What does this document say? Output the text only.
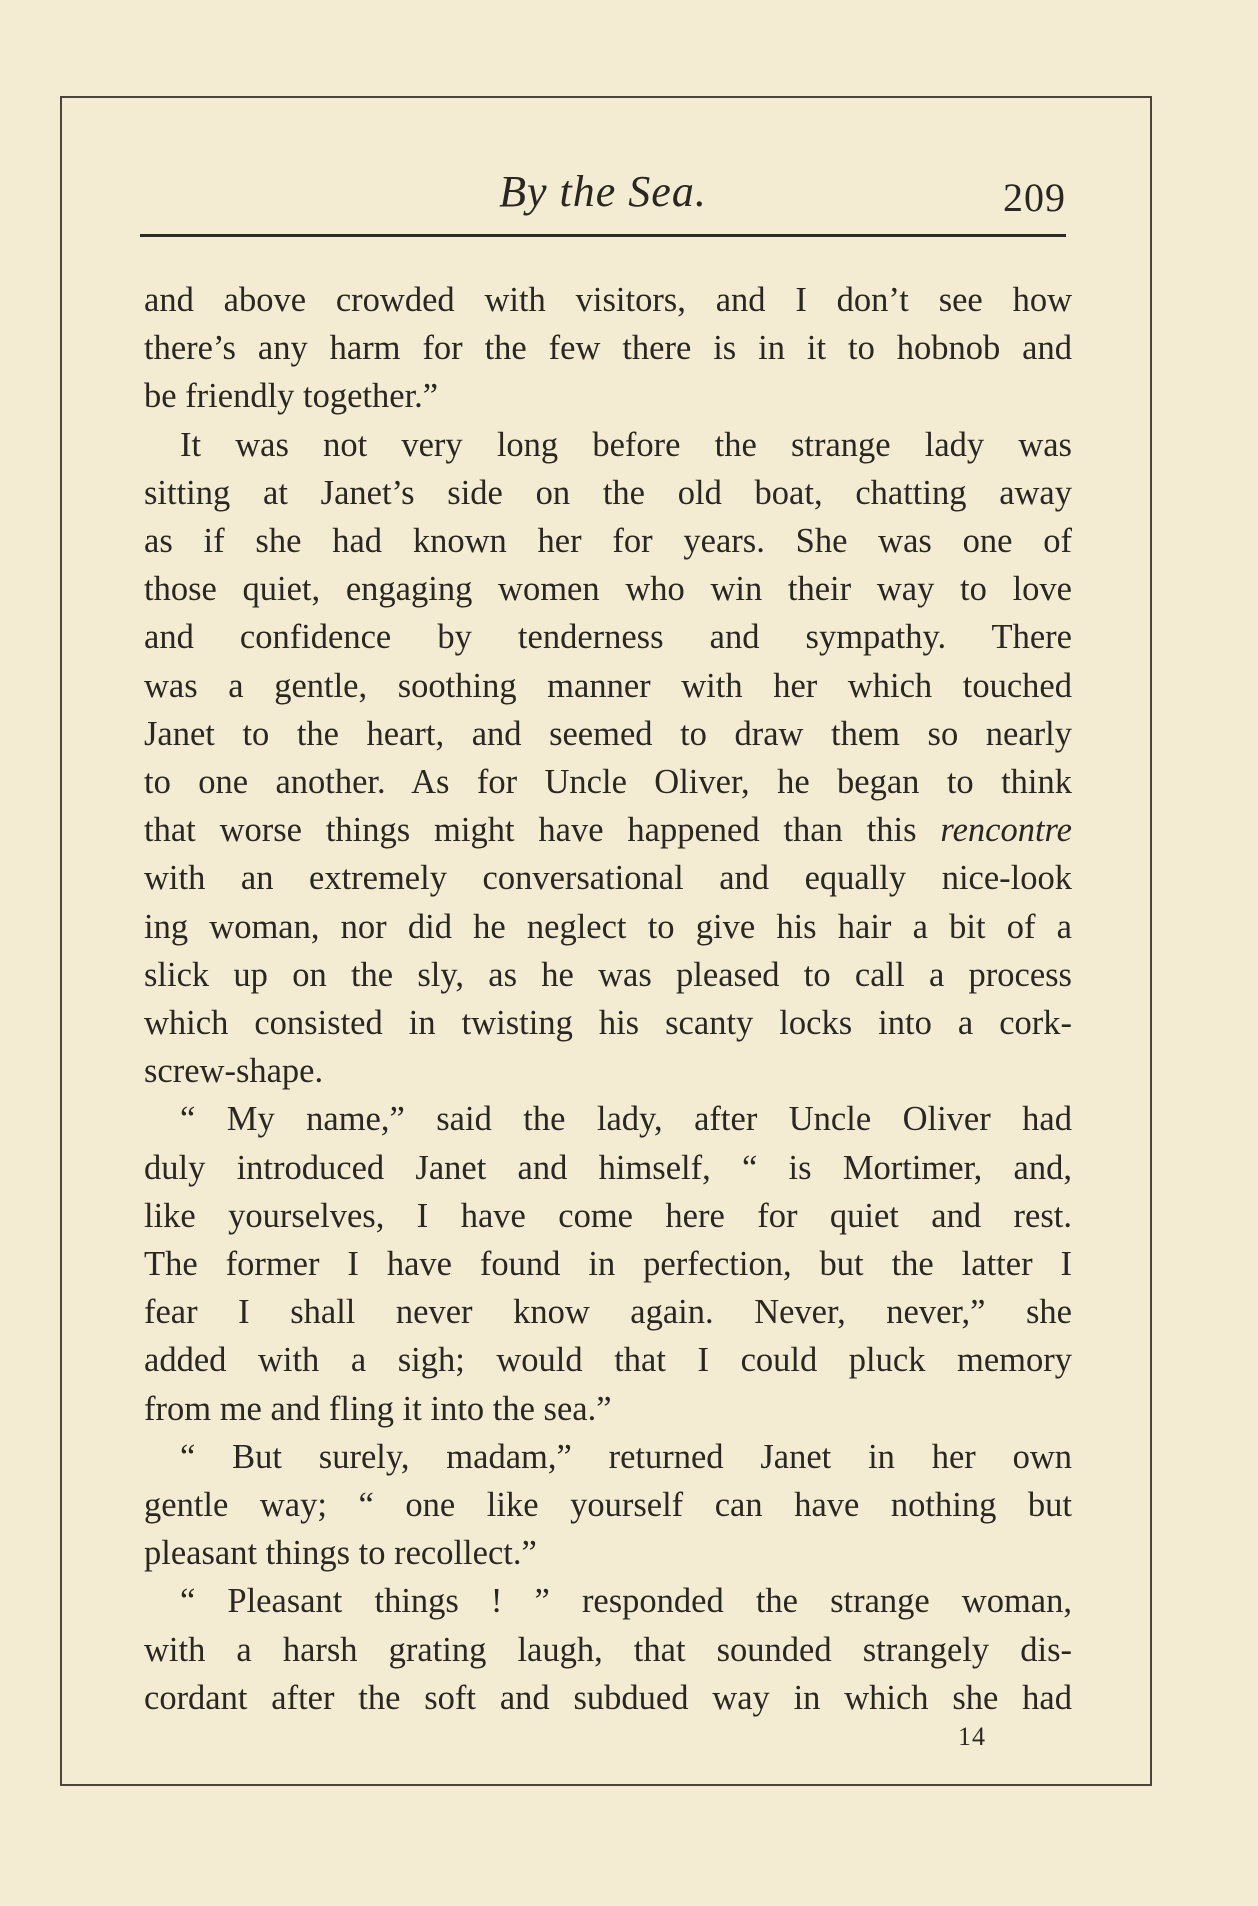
By the Sea.	209

and above crowded with visitors, and I don’t see how

there’s any harm for the few there is in it to hobnob and

be friendly together.”

It was not very long before the strange lady was

sitting at Janet’s side on the old boat, chatting away

as if she had known her for years. She was one of

those quiet, engaging women who win their way to love

and confidence by tenderness and sympathy. There

was a gentle, soothing manner with her which touched

Janet to the heart, and seemed to draw them so nearly

to one another. As for Uncle Oliver, he began to think

that worse things might have happened than this rencontre

with an extremely conversational and equally nice-look

ing woman, nor did he neglect to give his hair a bit of a

slick up on the sly, as he was pleased to call a process

which consisted in twisting his scanty locks into a cork-

screw-shape.

“ My name,” said the lady, after Uncle Oliver had

duly introduced Janet and himself, “ is Mortimer, and,

like yourselves, I have come here for quiet and rest.

The former I have found in perfection, but the latter I

fear I shall never know again. Never, never,” she

added with a sigh; would that I could pluck memory

from me and fling it into the sea.”

“ But surely, madam,” returned Janet in her own

gentle way; “ one like yourself can have nothing but

pleasant things to recollect.”

“ Pleasant things ! ” responded the strange woman,

with a harsh grating laugh, that sounded strangely dis-

cordant after the soft and subdued way in which she had

14
